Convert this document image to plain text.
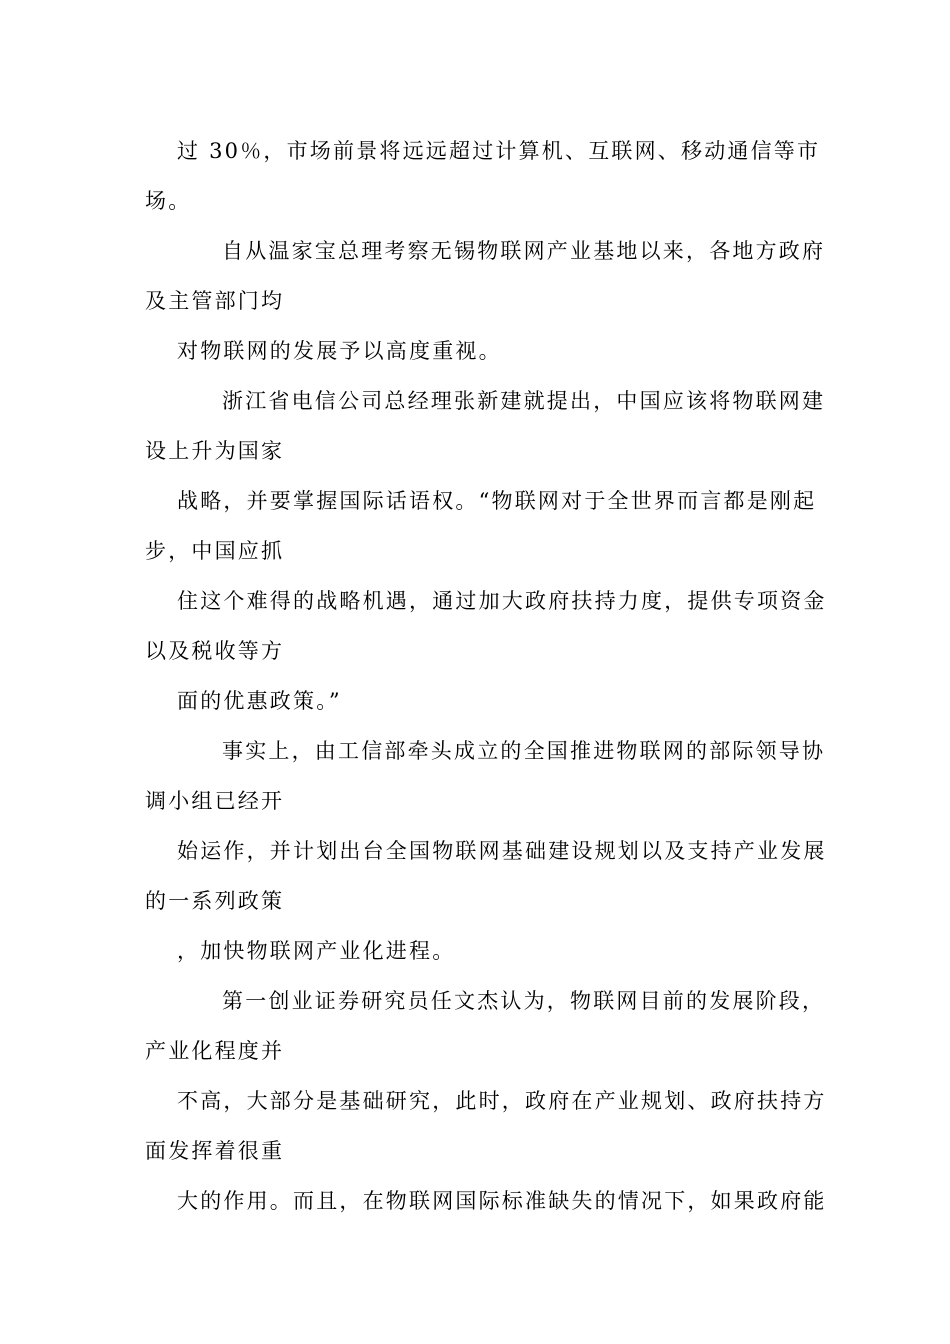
过 30％，市场前景将远远超过计算机、互联网、移动通信等市
场。
自从温家宝总理考察无锡物联网产业基地以来，各地方政府
及主管部门均
对物联网的发展予以高度重视。
浙江省电信公司总经理张新建就提出，中国应该将物联网建
设上升为国家
战略，并要掌握国际话语权。“物联网对于全世界而言都是刚起
步，中国应抓
住这个难得的战略机遇，通过加大政府扶持力度，提供专项资金
以及税收等方
面的优惠政策。”
事实上，由工信部牵头成立的全国推进物联网的部际领导协
调小组已经开
始运作，并计划出台全国物联网基础建设规划以及支持产业发展
的一系列政策
，加快物联网产业化进程。
第一创业证券研究员任文杰认为，物联网目前的发展阶段，
产业化程度并
不高，大部分是基础研究，此时，政府在产业规划、政府扶持方
面发挥着很重
大的作用。而且，在物联网国际标准缺失的情况下，如果政府能
